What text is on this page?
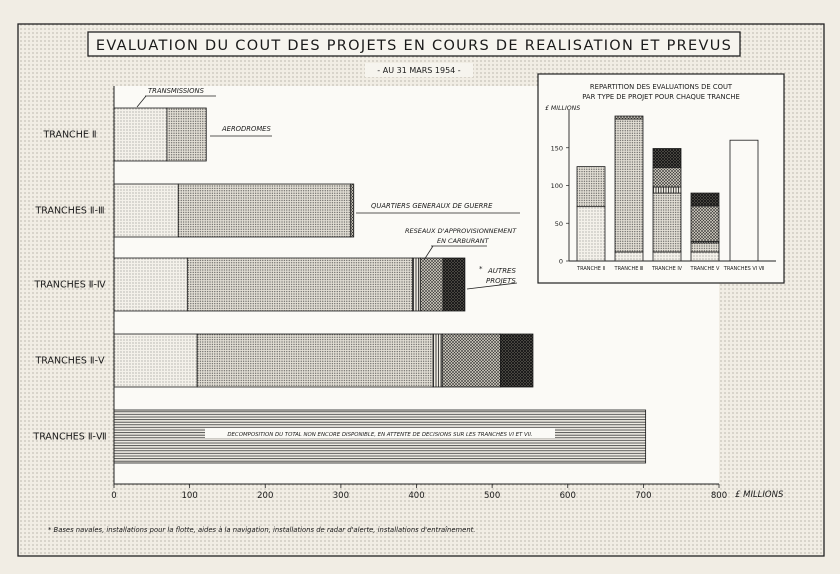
EVALUATION DU COUT DES PROJETS EN COURS DE REALISATION ET PREVUS
- AU 31 MARS 1954 -
0	100	200	300	400	500	600	700	800 £ MILLIONS
TRANCHE Ⅱ
TRANCHES Ⅱ-Ⅲ
TRANCHES Ⅱ-Ⅳ
TRANCHES Ⅱ-Ⅴ
TRANCHES Ⅱ-Ⅶ
TRANSMISSIONS
AERODROMES
QUARTIERS GENERAUX DE GUERRE
RESEAUX D'APPROVISIONNEMENT
EN CARBURANT
* AUTRES
PROJETS
DECOMPOSITION DU TOTAL NON ENCORE DISPONIBLE, EN ATTENTE DE DECISIONS SUR LES TRANCHES VI ET VII.
REPARTITION DES EVALUATIONS DE COUT
PAR TYPE DE PROJET POUR CHAQUE TRANCHE
£ MILLIONS
0
50
100
150
TRANCHE Ⅱ TRANCHE Ⅲ TRANCHE Ⅳ TRANCHE Ⅴ TRANCHES Ⅵ Ⅶ
* Bases navales, installations pour la flotte, aides à la navigation, installations de radar d'alerte, installations d'entraînement.
